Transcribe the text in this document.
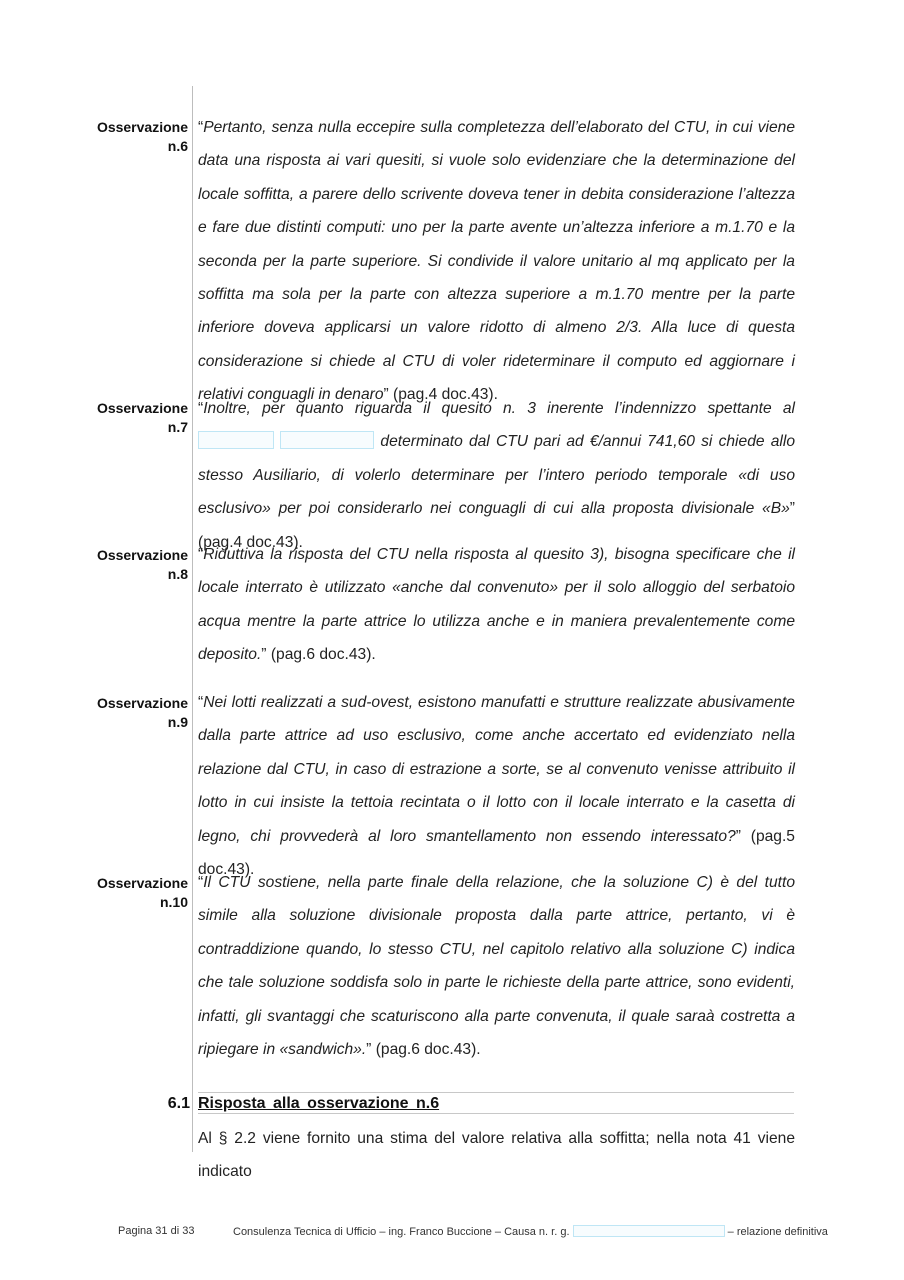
Osservazione
n.6
“Pertanto, senza nulla eccepire sulla completezza dell’elaborato del CTU, in cui viene data una risposta ai vari quesiti, si vuole solo evidenziare che la determinazione del locale soffitta, a parere dello scrivente doveva tener in debita considerazione l’altezza e fare due distinti computi: uno per la parte avente un’altezza inferiore a m.1.70 e la seconda per la parte superiore. Si condivide il valore unitario al mq applicato per la soffitta ma sola per la parte con altezza superiore a m.1.70 mentre per la parte inferiore doveva applicarsi un valore ridotto di almeno 2/3. Alla luce di questa considerazione si chiede al CTU di voler rideterminare il computo ed aggiornare i relativi conguagli in denaro” (pag.4 doc.43).
Osservazione
n.7
“Inoltre, per quanto riguarda il quesito n. 3 inerente l’indennizzo spettante al   determinato dal CTU pari ad €/annui 741,60 si chiede allo stesso Ausiliario, di volerlo determinare per l’intero periodo temporale «di uso esclusivo» per poi considerarlo nei conguagli di cui alla proposta divisionale «B»” (pag.4 doc.43).
Osservazione
n.8
“Riduttiva la risposta del CTU nella risposta al quesito 3), bisogna specificare che il locale interrato è utilizzato «anche dal convenuto» per il solo alloggio del serbatoio acqua mentre la parte attrice lo utilizza anche e in maniera prevalentemente come deposito.” (pag.6 doc.43).
Osservazione
n.9
“Nei lotti realizzati a sud-ovest, esistono manufatti e strutture realizzate abusivamente dalla parte attrice ad uso esclusivo, come anche accertato ed evidenziato nella relazione dal CTU, in caso di estrazione a sorte, se al convenuto venisse attribuito il lotto in cui insiste la tettoia recintata o il lotto con il locale interrato e la casetta di legno, chi provvederà al loro smantellamento non essendo interessato?” (pag.5 doc.43).
Osservazione
n.10
“Il CTU sostiene, nella parte finale della relazione, che la soluzione C) è del tutto simile alla soluzione divisionale proposta dalla parte attrice, pertanto, vi è contraddizione quando, lo stesso CTU, nel capitolo relativo alla soluzione C) indica che tale soluzione soddisfa solo in parte le richieste della parte attrice, sono evidenti, infatti, gli svantaggi che scaturiscono alla parte convenuta, il quale saraà costretta a ripiegare in «sandwich».” (pag.6 doc.43).
6.1 Risposta alla osservazione n.6
Al § 2.2 viene fornito una stima del valore relativa alla soffitta; nella nota 41 viene indicato
Pagina 31 di 33	Consulenza Tecnica di Ufficio – ing. Franco Buccione – Causa n. r. g.	– relazione definitiva
